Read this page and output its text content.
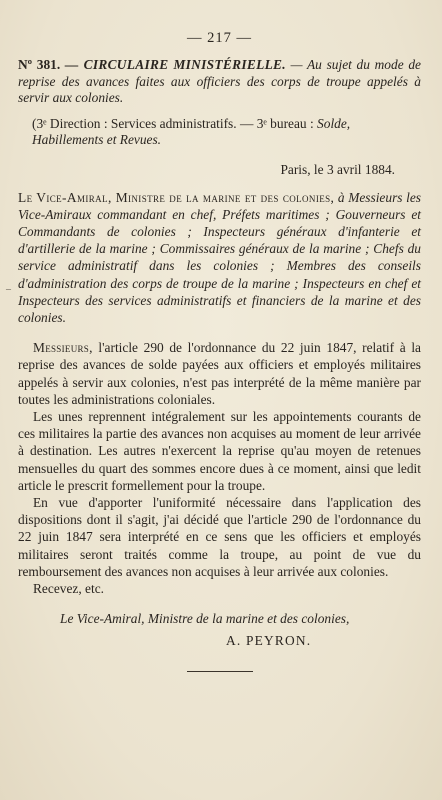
–
— 217 —
Nº 381. — CIRCULAIRE MINISTÉRIELLE. — Au sujet du mode de reprise des avances faites aux officiers des corps de troupe appelés à servir aux colonies.
(3ᵉ Direction : Services administratifs. — 3ᵉ bureau : Solde, Habillements et Revues.
Paris, le 3 avril 1884.
Le Vice-Amiral, Ministre de la marine et des colonies, à Messieurs les Vice-Amiraux commandant en chef, Préfets maritimes ; Gouverneurs et Commandants de colonies ; Inspecteurs généraux d'infanterie et d'artillerie de la marine ; Commissaires généraux de la marine ; Chefs du service administratif dans les colonies ; Membres des conseils d'administration des corps de troupe de la marine ; Inspecteurs en chef et Inspecteurs des services administratifs et financiers de la marine et des colonies.

Messieurs, l'article 290 de l'ordonnance du 22 juin 1847, relatif à la reprise des avances de solde payées aux officiers et employés militaires appelés à servir aux colonies, n'est pas interprété de la même manière par toutes les administrations coloniales.

Les unes reprennent intégralement sur les appointements courants de ces militaires la partie des avances non acquises au moment de leur arrivée à destination. Les autres n'exercent la reprise qu'au moyen de retenues mensuelles du quart des sommes encore dues à ce moment, ainsi que ledit article le prescrit formellement pour la troupe.

En vue d'apporter l'uniformité nécessaire dans l'application des dispositions dont il s'agit, j'ai décidé que l'article 290 de l'ordonnance du 22 juin 1847 sera interprété en ce sens que les officiers et employés militaires seront traités comme la troupe, au point de vue du remboursement des avances non acquises à leur arrivée aux colonies.

Recevez, etc.
Le Vice-Amiral, Ministre de la marine et des colonies,
A. PEYRON.
